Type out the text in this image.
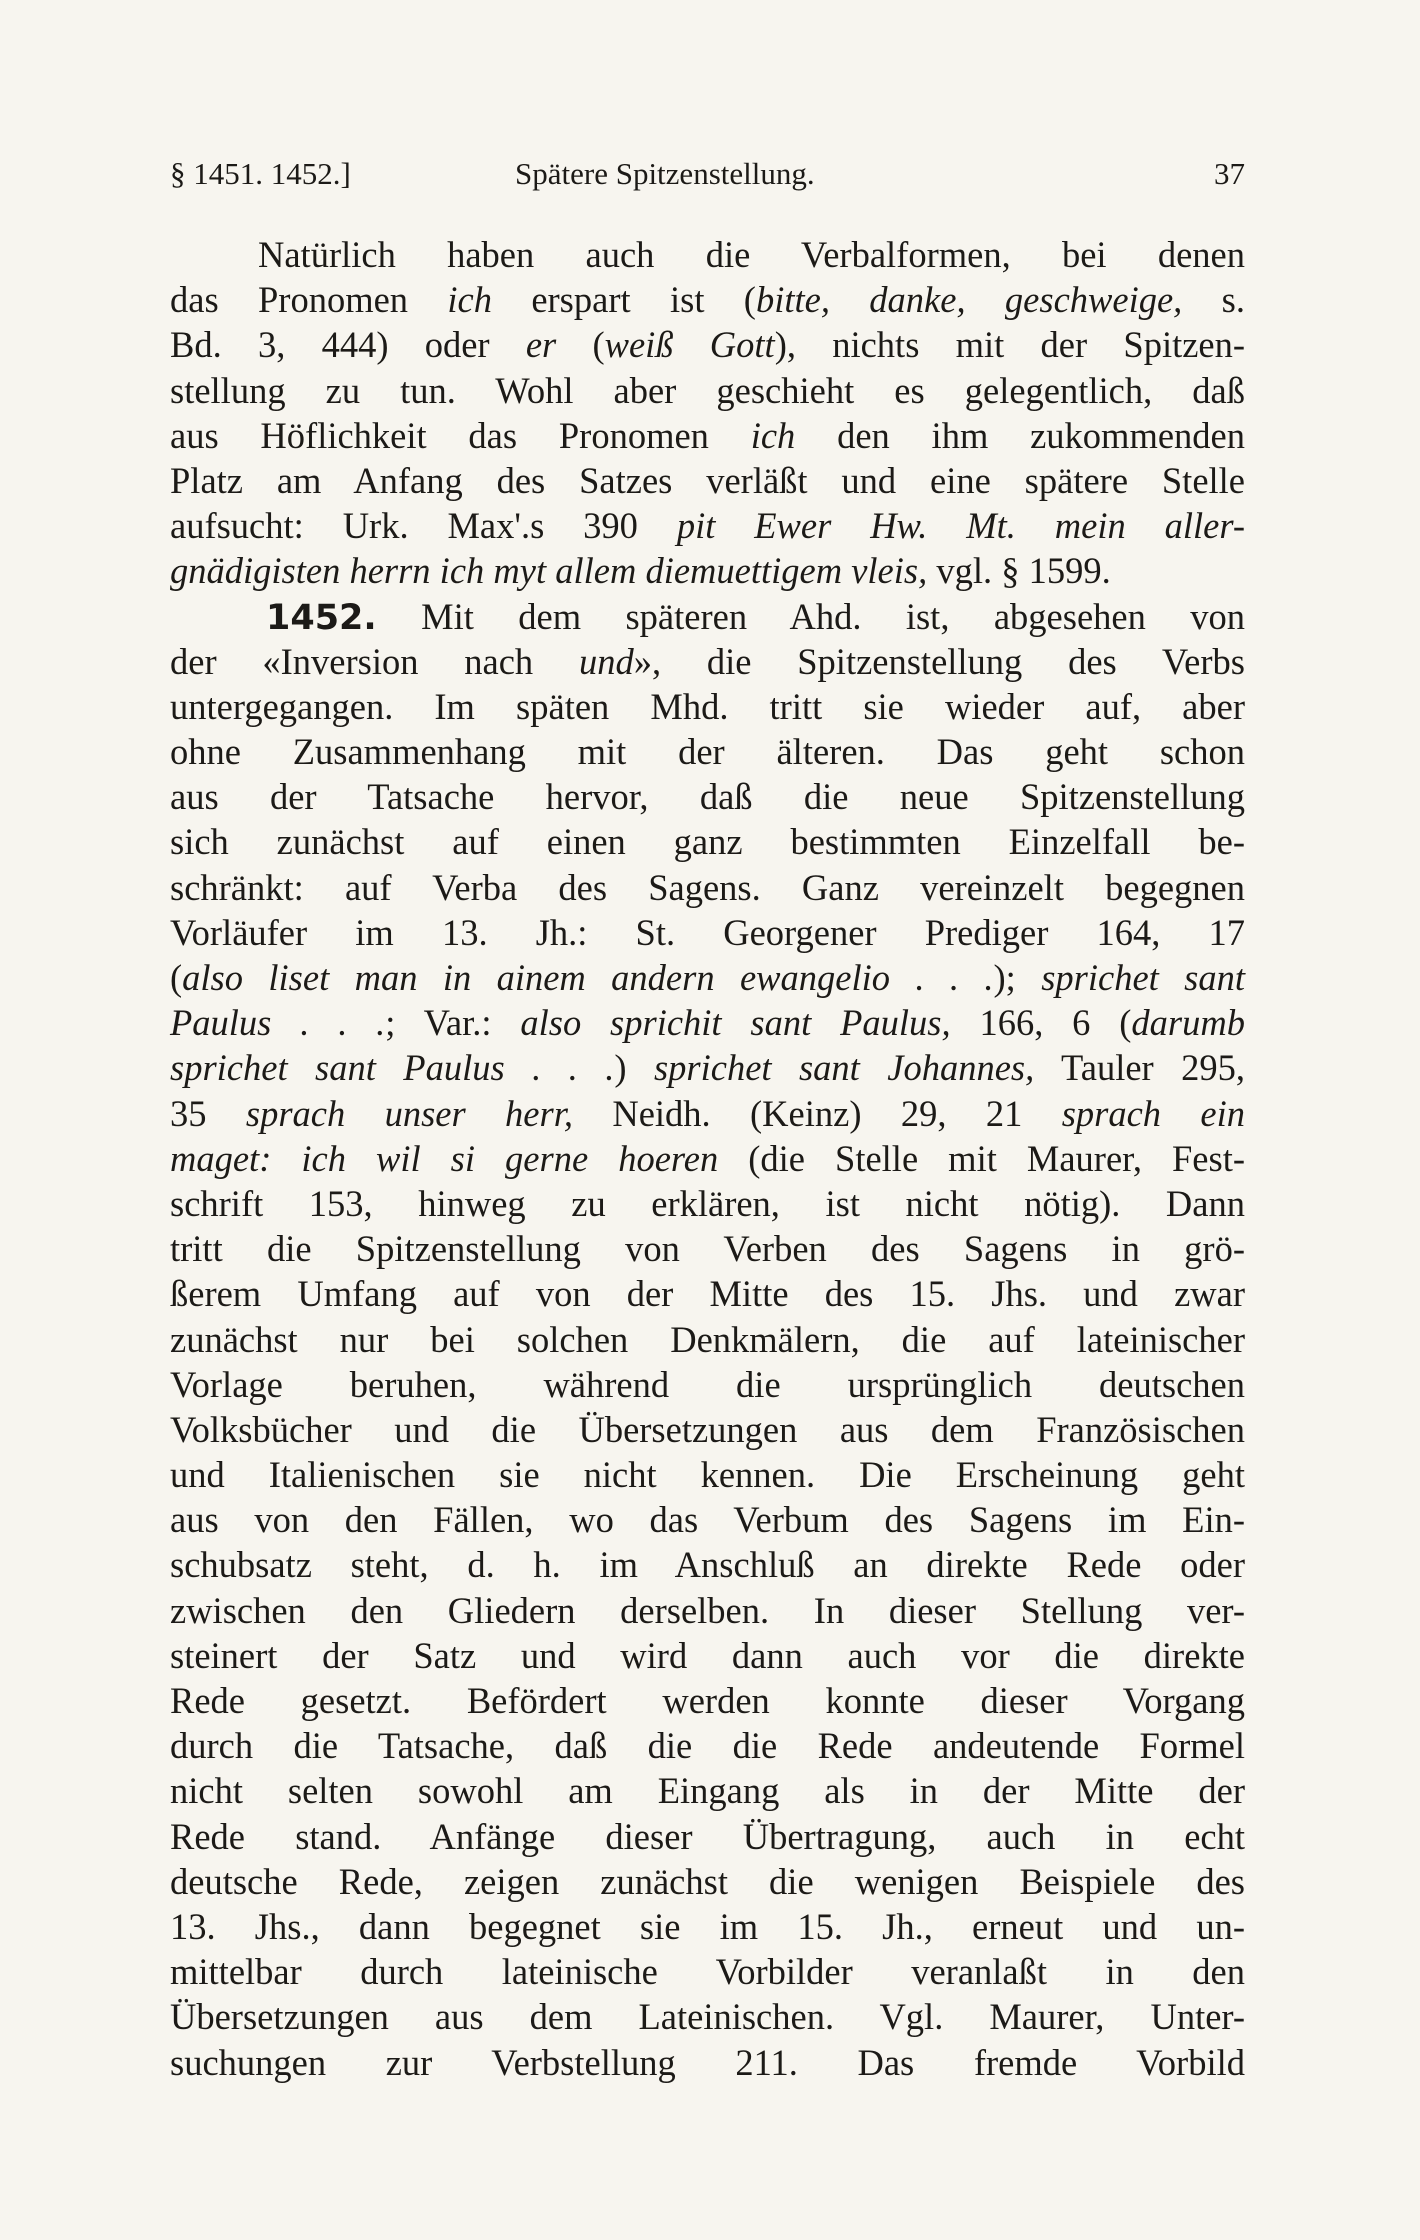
§ 1451. 1452.]	Spätere Spitzenstellung.	37
Natürlich haben auch die Verbalformen, bei denen
das Pronomen ich erspart ist (bitte, danke, geschweige, s.
Bd. 3, 444) oder er (weiß Gott), nichts mit der Spitzen-
stellung zu tun. Wohl aber geschieht es gelegentlich, daß
aus Höflichkeit das Pronomen ich den ihm zukommenden
Platz am Anfang des Satzes verläßt und eine spätere Stelle
aufsucht: Urk. Max'.s 390 pit Ewer Hw. Mt. mein aller-
gnädigisten herrn ich myt allem diemuettigem vleis, vgl. § 1599.
1452. Mit dem späteren Ahd. ist, abgesehen von
der «Inversion nach und», die Spitzenstellung des Verbs
untergegangen. Im späten Mhd. tritt sie wieder auf, aber
ohne Zusammenhang mit der älteren. Das geht schon
aus der Tatsache hervor, daß die neue Spitzenstellung
sich zunächst auf einen ganz bestimmten Einzelfall be-
schränkt: auf Verba des Sagens. Ganz vereinzelt begegnen
Vorläufer im 13. Jh.: St. Georgener Prediger 164, 17
(also liset man in ainem andern ewangelio . . .); sprichet sant
Paulus . . .; Var.: also sprichit sant Paulus, 166, 6 (darumb
sprichet sant Paulus . . .) sprichet sant Johannes, Tauler 295,
35 sprach unser herr, Neidh. (Keinz) 29, 21 sprach ein
maget: ich wil si gerne hoeren (die Stelle mit Maurer, Fest-
schrift 153, hinweg zu erklären, ist nicht nötig). Dann
tritt die Spitzenstellung von Verben des Sagens in grö-
ßerem Umfang auf von der Mitte des 15. Jhs. und zwar
zunächst nur bei solchen Denkmälern, die auf lateinischer
Vorlage beruhen, während die ursprünglich deutschen
Volksbücher und die Übersetzungen aus dem Französischen
und Italienischen sie nicht kennen. Die Erscheinung geht
aus von den Fällen, wo das Verbum des Sagens im Ein-
schubsatz steht, d. h. im Anschluß an direkte Rede oder
zwischen den Gliedern derselben. In dieser Stellung ver-
steinert der Satz und wird dann auch vor die direkte
Rede gesetzt. Befördert werden konnte dieser Vorgang
durch die Tatsache, daß die die Rede andeutende Formel
nicht selten sowohl am Eingang als in der Mitte der
Rede stand. Anfänge dieser Übertragung, auch in echt
deutsche Rede, zeigen zunächst die wenigen Beispiele des
13. Jhs., dann begegnet sie im 15. Jh., erneut und un-
mittelbar durch lateinische Vorbilder veranlaßt in den
Übersetzungen aus dem Lateinischen. Vgl. Maurer, Unter-
suchungen zur Verbstellung 211. Das fremde Vorbild
